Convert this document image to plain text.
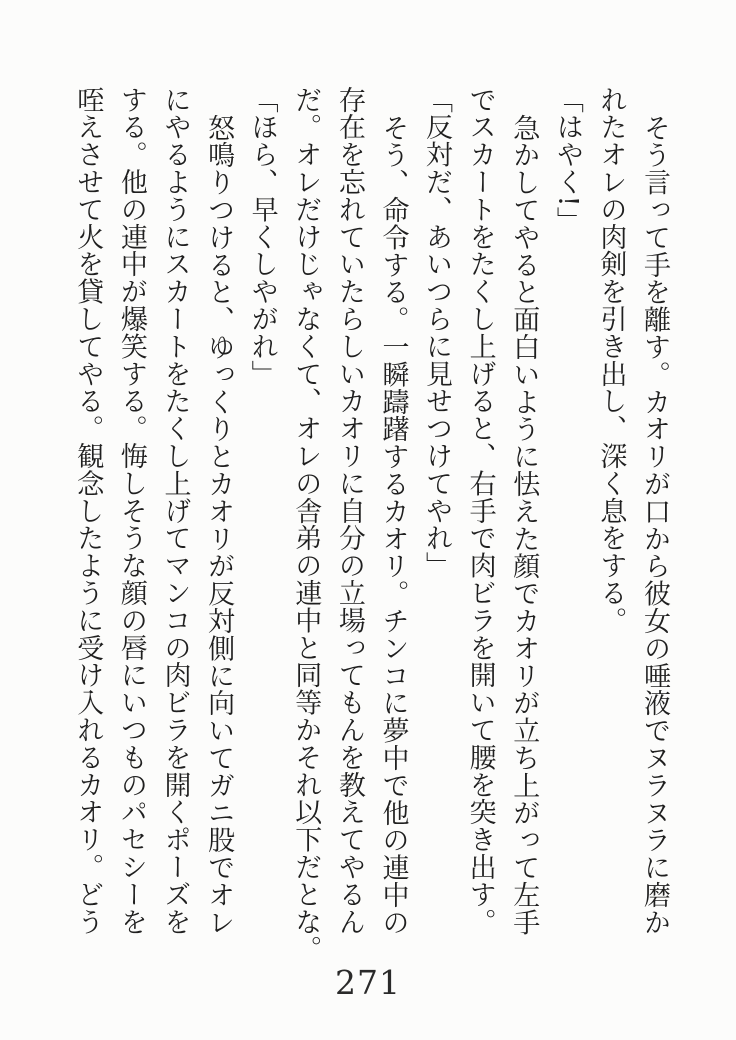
そう言って手を離す。カオリが口から彼女の唾液でヌラヌラに磨か
れたオレの肉剣を引き出し、深く息をする。
「はやく!」
急かしてやると面白いように怯えた顔でカオリが立ち上がって左手
でスカートをたくし上げると、右手で肉ビラを開いて腰を突き出す。
「反対だ、あいつらに見せつけてやれ」
そう、命令する。一瞬躊躇するカオリ。チンコに夢中で他の連中の
存在を忘れていたらしいカオリに自分の立場ってもんを教えてやるん
だ。オレだけじゃなくて、オレの舎弟の連中と同等かそれ以下だとな。
「ほら、早くしやがれ」
怒鳴りつけると、ゆっくりとカオリが反対側に向いてガニ股でオレ
にやるようにスカートをたくし上げてマンコの肉ビラを開くポーズを
する。他の連中が爆笑する。悔しそうな顔の唇にいつものパセシーを
咥えさせて火を貸してやる。観念したように受け入れるカオリ。どう
271
